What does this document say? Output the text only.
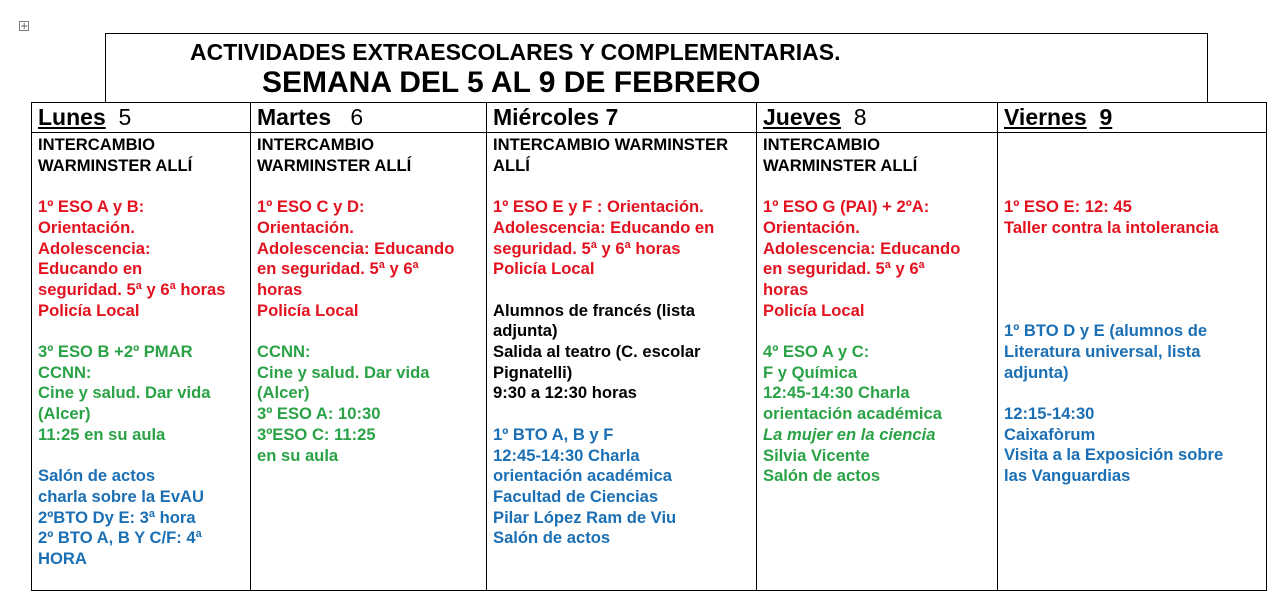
+
ACTIVIDADES EXTRAESCOLARES Y COMPLEMENTARIAS.
SEMANA DEL 5 AL 9 DE FEBRERO
Lunes 5
INTERCAMBIO
WARMINSTER ALLÍ
1º ESO A y B:
Orientación.
Adolescencia:
Educando en
seguridad. 5ª y 6ª horas
Policía Local
3º ESO B +2º PMAR
CCNN:
Cine y salud. Dar vida
(Alcer)
11:25 en su aula
Salón de actos
charla sobre la EvAU
2ºBTO Dy E: 3ª hora
2º BTO A, B Y C/F: 4ª
HORA
Martes 6
INTERCAMBIO
WARMINSTER ALLÍ
1º ESO C y D:
Orientación.
Adolescencia: Educando
en seguridad. 5ª y 6ª
horas
Policía Local
CCNN:
Cine y salud. Dar vida
(Alcer)
3º ESO A: 10:30
3ºESO C: 11:25
en su aula
Miércoles 7
INTERCAMBIO WARMINSTER
ALLÍ
1º ESO E y F : Orientación.
Adolescencia: Educando en
seguridad. 5ª y 6ª horas
Policía Local
Alumnos de francés (lista
adjunta)
Salida al teatro (C. escolar
Pignatelli)
9:30 a 12:30 horas
1º BTO A, B y F
12:45-14:30 Charla
orientación académica
Facultad de Ciencias
Pilar López Ram de Viu
Salón de actos
Jueves 8
INTERCAMBIO
WARMINSTER ALLÍ
1º ESO G (PAI) + 2ºA:
Orientación.
Adolescencia: Educando
en seguridad. 5ª y 6ª
horas
Policía Local
4º ESO A y C:
F y Química
12:45-14:30 Charla
orientación académica
La mujer en la ciencia
Silvia Vicente
Salón de actos
Viernes 9
1º ESO E: 12: 45
Taller contra la intolerancia
1º BTO D y E (alumnos de
Literatura universal, lista
adjunta)
12:15-14:30
Caixafòrum
Visita a la Exposición sobre
las Vanguardias
